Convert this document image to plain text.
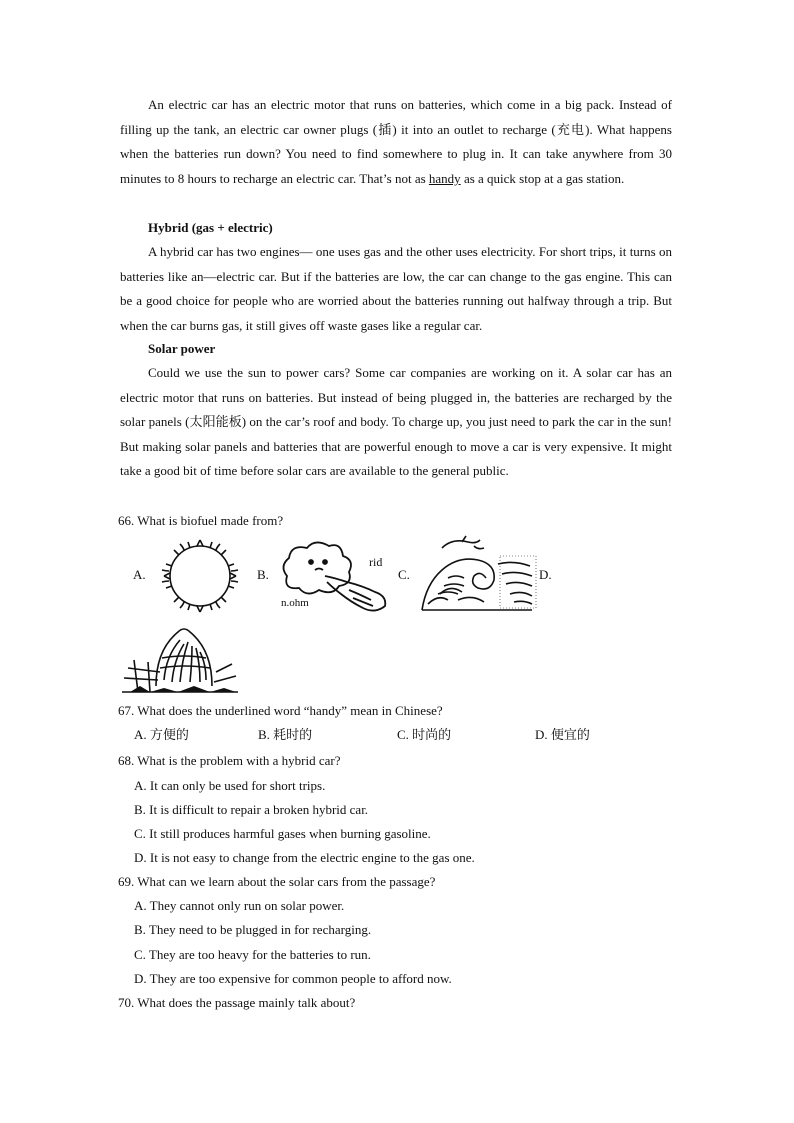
An electric car has an electric motor that runs on batteries, which come in a big pack. Instead of filling up the tank, an electric car owner plugs (插) it into an outlet to recharge (充电). What happens when the batteries run down? You need to find somewhere to plug in. It can take anywhere from 30 minutes to 8 hours to recharge an electric car. That’s not as handy as a quick stop at a gas station.

Hybrid (gas + electric)

A hybrid car has two engines— one uses gas and the other uses electricity. For short trips, it turns on batteries like an—electric car. But if the batteries are low, the car can change to the gas engine. This can be a good choice for people who are worried about the batteries running out halfway through a trip. But when the car burns gas, it still gives off waste gases like a regular car.

Solar power

Could we use the sun to power cars? Some car companies are working on it. A solar car has an electric motor that runs on batteries. But instead of being plugged in, the batteries are recharged by the solar panels (太阳能板) on the car’s roof and body. To charge up, you just need to park the car in the sun! But making solar panels and batteries that are powerful enough to move a car is very expensive. It might take a good bit of time before solar cars are available to the general public.

66. What is biofuel made from?

A.	B.
rid
n.ohm
C.	D.

67. What does the underlined word “handy” mean in Chinese?

A. 方便的	B. 耗时的	C. 时尚的	D. 便宜的

68. What is the problem with a hybrid car?

A. It can only be used for short trips.

B. It is difficult to repair a broken hybrid car.

C. It still produces harmful gases when burning gasoline.

D. It is not easy to change from the electric engine to the gas one.

69. What can we learn about the solar cars from the passage?

A. They cannot only run on solar power.

B. They need to be plugged in for recharging.

C. They are too heavy for the batteries to run.

D. They are too expensive for common people to afford now.

70. What does the passage mainly talk about?
